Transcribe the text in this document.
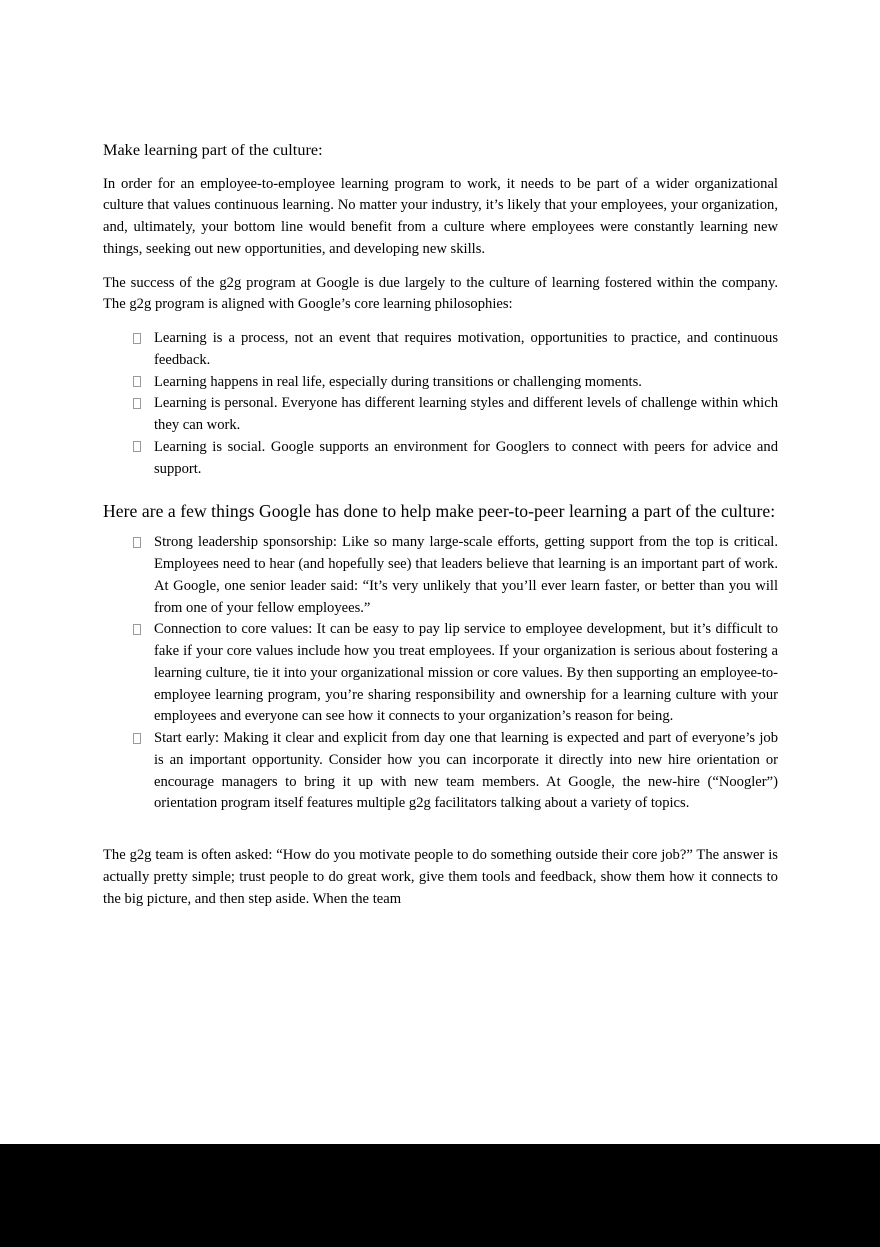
Make learning part of the culture:

In order for an employee-to-employee learning program to work, it needs to be part of a wider organizational culture that values continuous learning. No matter your industry, it’s likely that your employees, your organization, and, ultimately, your bottom line would benefit from a culture where employees were constantly learning new things, seeking out new opportunities, and developing new skills.

The success of the g2g program at Google is due largely to the culture of learning fostered within the company. The g2g program is aligned with Google’s core learning philosophies:

Learning is a process, not an event that requires motivation, opportunities to practice, and continuous feedback.
Learning happens in real life, especially during transitions or challenging moments.
Learning is personal. Everyone has different learning styles and different levels of challenge within which they can work.
Learning is social. Google supports an environment for Googlers to connect with peers for advice and support.
Here are a few things Google has done to help make peer-to-peer learning a part of the culture:
Strong leadership sponsorship: Like so many large-scale efforts, getting support from the top is critical. Employees need to hear (and hopefully see) that leaders believe that learning is an important part of work. At Google, one senior leader said: “It’s very unlikely that you’ll ever learn faster, or better than you will from one of your fellow employees.”
Connection to core values: It can be easy to pay lip service to employee development, but it’s difficult to fake if your core values include how you treat employees. If your organization is serious about fostering a learning culture, tie it into your organizational mission or core values. By then supporting an employee-to-employee learning program, you’re sharing responsibility and ownership for a learning culture with your employees and everyone can see how it connects to your organization’s reason for being.
Start early: Making it clear and explicit from day one that learning is expected and part of everyone’s job is an important opportunity. Consider how you can incorporate it directly into new hire orientation or encourage managers to bring it up with new team members. At Google, the new-hire (“Noogler”) orientation program itself features multiple g2g facilitators talking about a variety of topics.

The g2g team is often asked: “How do you motivate people to do something outside their core job?” The answer is actually pretty simple; trust people to do great work, give them tools and feedback, show them how it connects to the big picture, and then step aside. When the team
